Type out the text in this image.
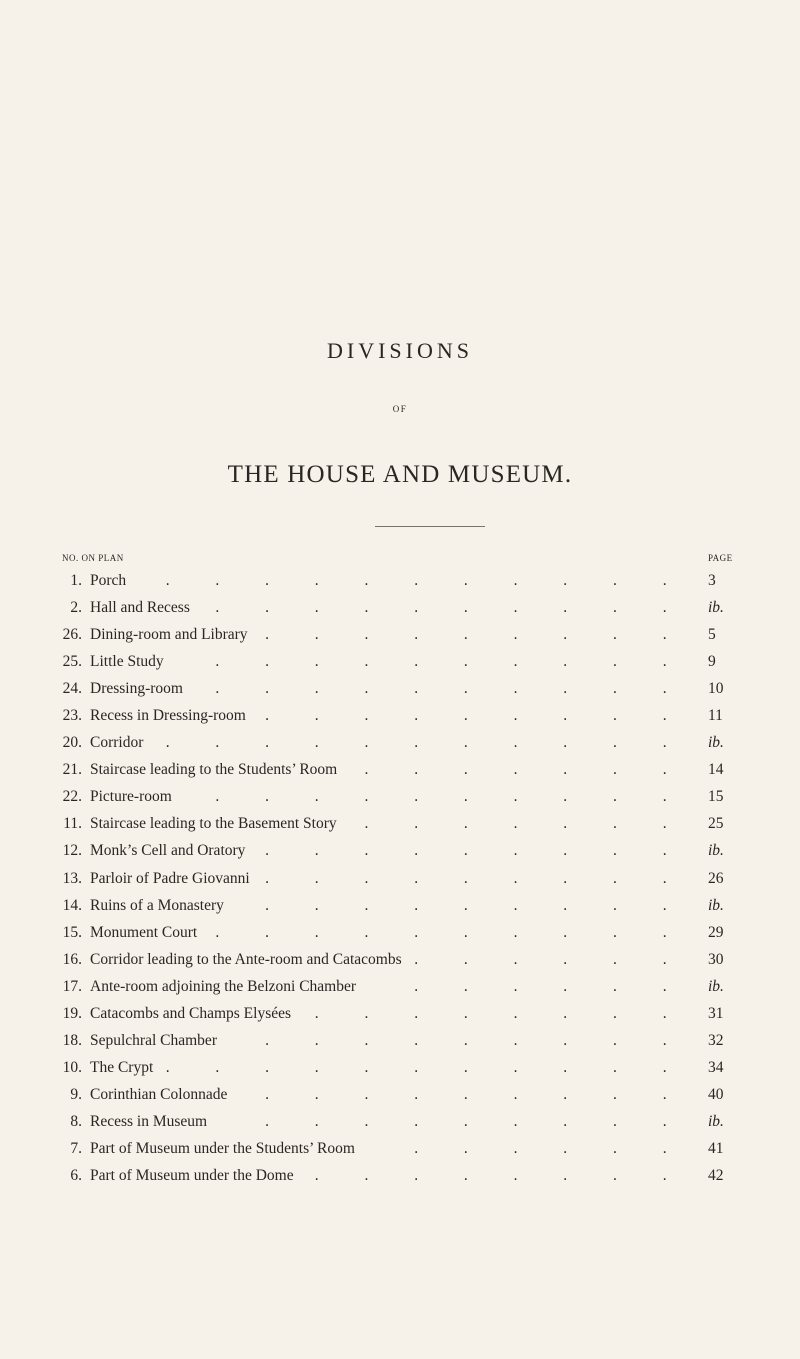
DIVISIONS
OF
THE HOUSE AND MUSEUM.
NO. ON PLAN	PAGE
1. Porch	.	.	.	.	.	.	.	.	.	.	.	3
2. Hall and Recess .	.	.	.	.	.	.	.	.	.	ib.
26. Dining-room and Library .	.	.	.	.	.	.	.	.	5
25. Little Study	.	.	.	.	.	.	.	.	.	.	9
24. Dressing-room .	.	.	.	.	.	.	.	.	.	10
23. Recess in Dressing-room .	.	.	.	.	.	.	.	.	11
20. Corridor .	.	.	.	.	.	.	.	.	.	.	ib.
21. Staircase leading to the Students’ Room .	.	.	.	.	.	.	14
22. Picture-room	.	.	.	.	.	.	.	.	.	.	15
11. Staircase leading to the Basement Story .	.	.	.	.	.	.	25
12. Monk’s Cell and Oratory .	.	.	.	.	.	.	.	.	ib.
13. Parloir of Padre Giovanni .	.	.	.	.	.	.	.	.	26
14. Ruins of a Monastery	.	.	.	.	.	.	.	.	.	ib.
15. Monument Court .	.	.	.	.	.	.	.	.	.	29
16. Corridor leading to the Ante-room and Catacombs .	.	.	.	.	.	30
17. Ante-room adjoining the Belzoni Chamber	.	.	.	.	.	.	ib.
19. Catacombs and Champs Elysées .	.	.	.	.	.	.	.	31
18. Sepulchral Chamber	.	.	.	.	.	.	.	.	.	32
10. The Crypt .	.	.	.	.	.	.	.	.	.	.	34
9. Corinthian Colonnade .	.	.	.	.	.	.	.	.	40
8. Recess in Museum	.	.	.	.	.	.	.	.	.	ib.
7. Part of Museum under the Students’ Room	.	.	.	.	.	.	41
6. Part of Museum under the Dome .	.	.	.	.	.	.	.	42
